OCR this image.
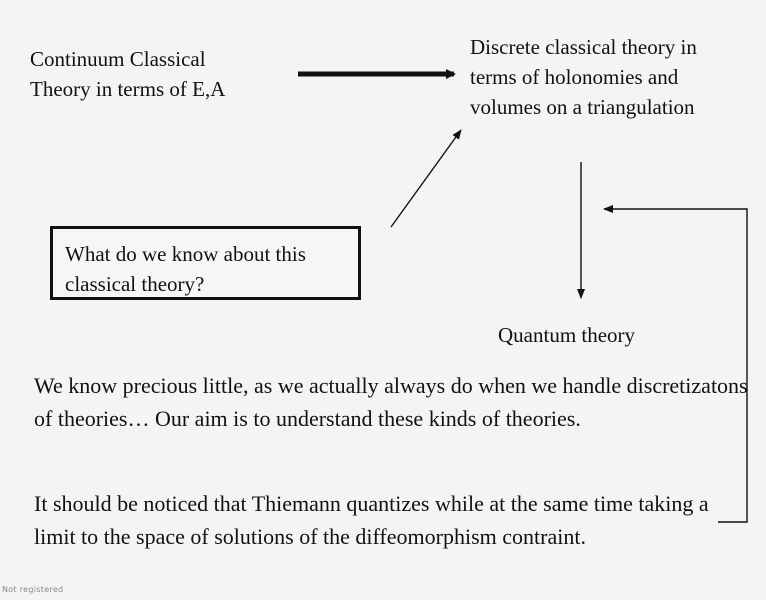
Continuum Classical
Theory in terms of E,A
Discrete classical theory in
terms of holonomies and
volumes on a triangulation
What do we know about this
classical theory?
Quantum theory
We know precious little, as we actually always do when we handle discretizatons of theories… Our aim is to understand these kinds of theories.
It should be noticed that Thiemann quantizes while at the same time taking a limit to the space of solutions of the diffeomorphism contraint.
Not registered
